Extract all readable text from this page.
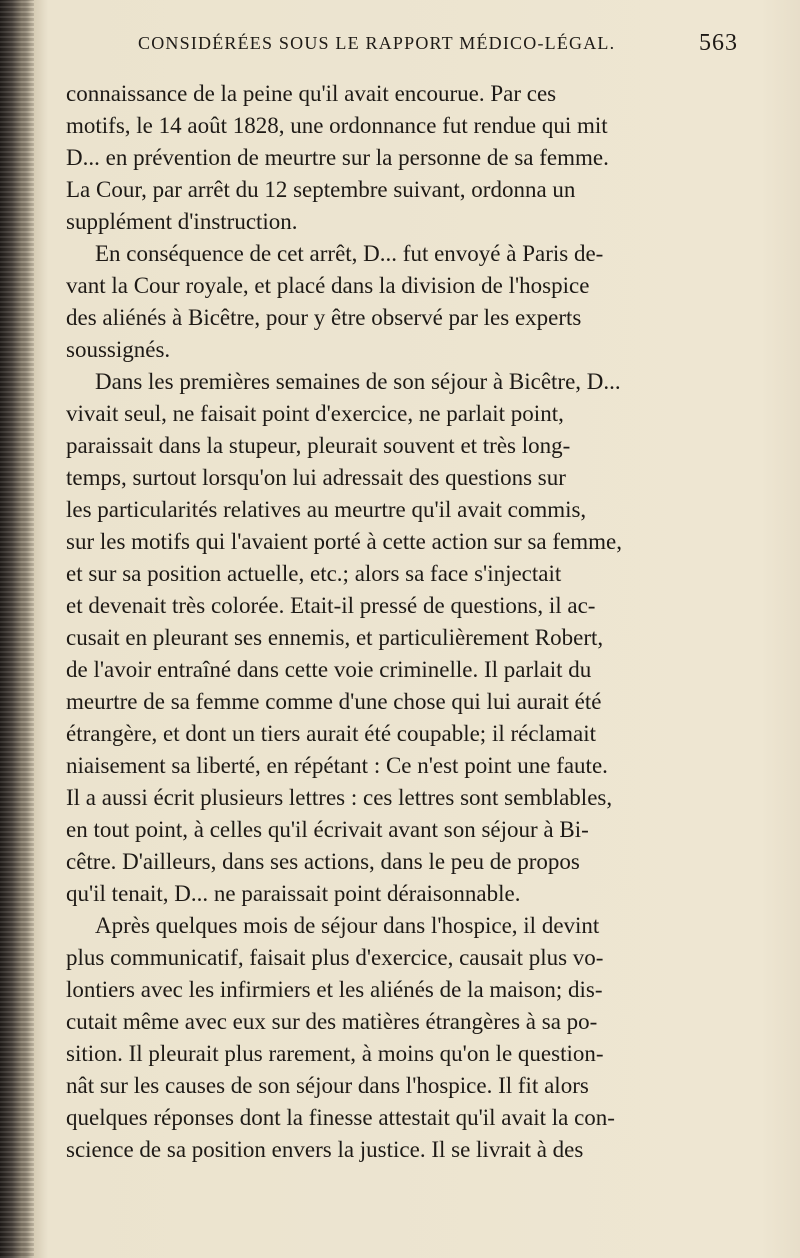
CONSIDÉRÉES SOUS LE RAPPORT MÉDICO-LÉGAL.	563
connaissance de la peine qu'il avait encourue. Par ces
motifs, le 14 août 1828, une ordonnance fut rendue qui mit
D... en prévention de meurtre sur la personne de sa femme.
La Cour, par arrêt du 12 septembre suivant, ordonna un
supplément d'instruction.
En conséquence de cet arrêt, D... fut envoyé à Paris de-
vant la Cour royale, et placé dans la division de l'hospice
des aliénés à Bicêtre, pour y être observé par les experts
soussignés.
Dans les premières semaines de son séjour à Bicêtre, D...
vivait seul, ne faisait point d'exercice, ne parlait point,
paraissait dans la stupeur, pleurait souvent et très long-
temps, surtout lorsqu'on lui adressait des questions sur
les particularités relatives au meurtre qu'il avait commis,
sur les motifs qui l'avaient porté à cette action sur sa femme,
et sur sa position actuelle, etc.; alors sa face s'injectait
et devenait très colorée. Etait-il pressé de questions, il ac-
cusait en pleurant ses ennemis, et particulièrement Robert,
de l'avoir entraîné dans cette voie criminelle. Il parlait du
meurtre de sa femme comme d'une chose qui lui aurait été
étrangère, et dont un tiers aurait été coupable; il réclamait
niaisement sa liberté, en répétant : Ce n'est point une faute.
Il a aussi écrit plusieurs lettres : ces lettres sont semblables,
en tout point, à celles qu'il écrivait avant son séjour à Bi-
cêtre. D'ailleurs, dans ses actions, dans le peu de propos
qu'il tenait, D... ne paraissait point déraisonnable.
Après quelques mois de séjour dans l'hospice, il devint
plus communicatif, faisait plus d'exercice, causait plus vo-
lontiers avec les infirmiers et les aliénés de la maison; dis-
cutait même avec eux sur des matières étrangères à sa po-
sition. Il pleurait plus rarement, à moins qu'on le question-
nât sur les causes de son séjour dans l'hospice. Il fit alors
quelques réponses dont la finesse attestait qu'il avait la con-
science de sa position envers la justice. Il se livrait à des
